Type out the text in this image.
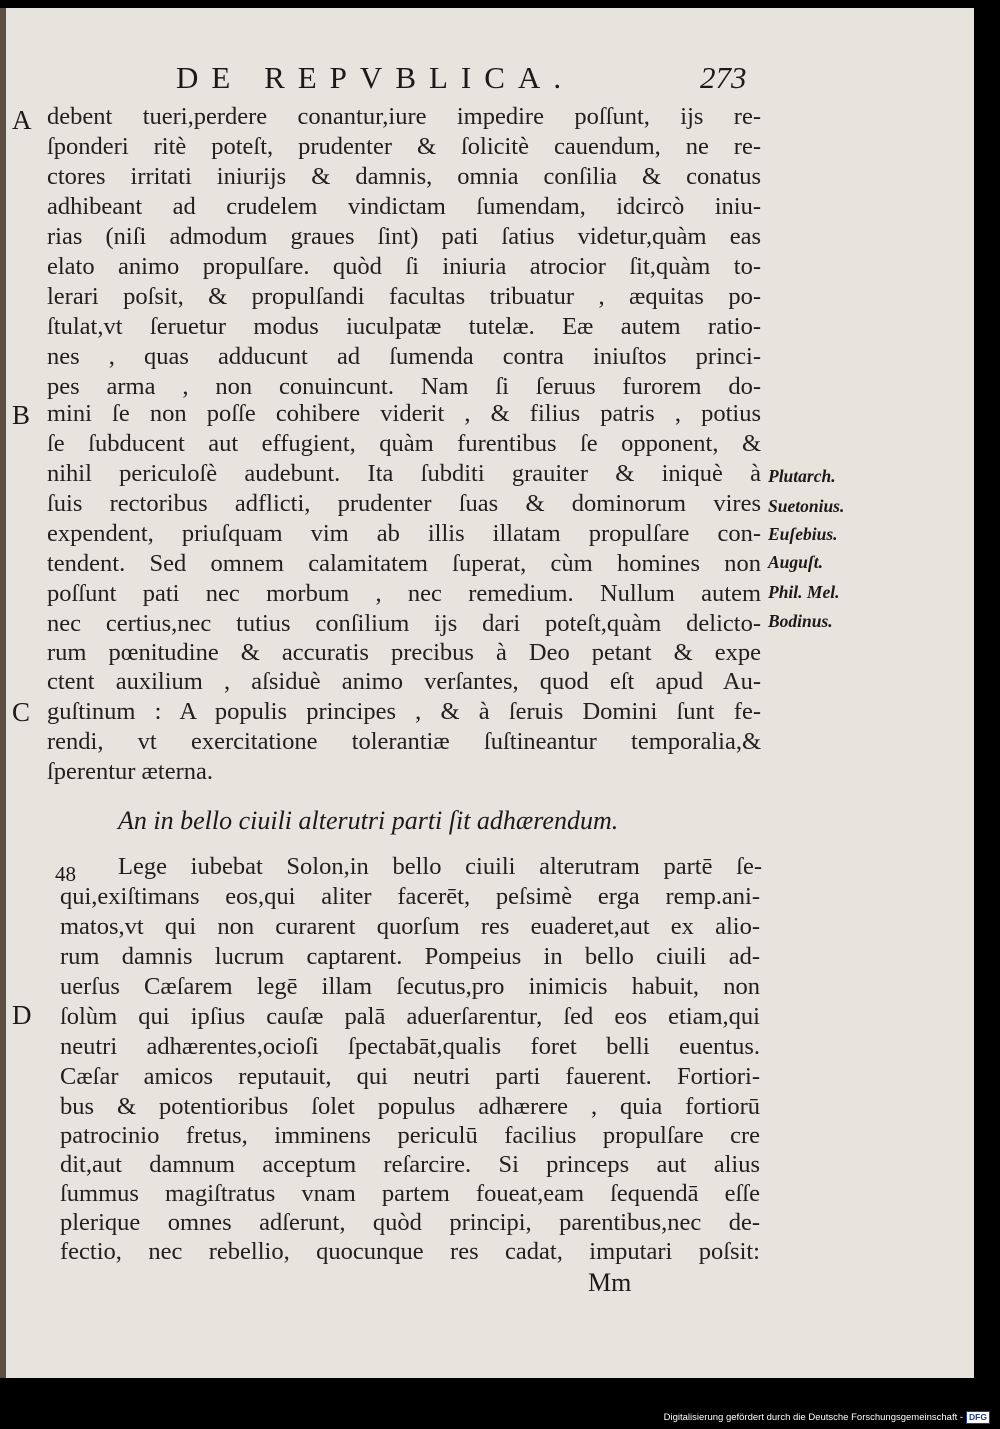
DE REPVBLICA.	273
A
B
C
D
debent tueri,perdere conantur,iure impedire poſſunt, ijs re-
ſponderi ritè poteſt, prudenter & ſolicitè cauendum, ne re-
ctores irritati iniurijs & damnis, omnia conſilia & conatus
adhibeant ad crudelem vindictam ſumendam, idcircò iniu-
rias (niſi admodum graues ſint) pati ſatius videtur,quàm eas
elato animo propulſare. quòd ſi iniuria atrocior ſit,quàm to-
lerari poſsit, & propulſandi facultas tribuatur , æquitas po-
ſtulat,vt ſeruetur modus iuculpatæ tutelæ. Eæ autem ratio-
nes , quas adducunt ad ſumenda contra iniuſtos princi-
pes arma , non conuincunt. Nam ſi ſeruus furorem do-
mini ſe non poſſe cohibere viderit , & filius patris , potius
ſe ſubducent aut effugient, quàm furentibus ſe opponent, &
nihil periculoſè audebunt. Ita ſubditi grauiter & iniquè à
ſuis rectoribus adflicti, prudenter ſuas & dominorum vires
expendent, priuſquam vim ab illis illatam propulſare con-
tendent. Sed omnem calamitatem ſuperat, cùm homines non
poſſunt pati nec morbum , nec remedium. Nullum autem
nec certius,nec tutius conſilium ijs dari poteſt,quàm delicto-
rum pœnitudine & accuratis precibus à Deo petant & expe
ctent auxilium , aſsiduè animo verſantes, quod eſt apud Au-
guſtinum : A populis principes , & à ſeruis Domini ſunt fe-
rendi, vt exercitatione tolerantiæ ſuſtineantur temporalia,&
ſperentur æterna.
Plutarch.
Suetonius.
Euſebius.
Auguſt.
Phil. Mel.
Bodinus.
An in bello ciuili alterutri parti ſit adhærendum.
48 Lege iubebat Solon,in bello ciuili alterutram partē ſe-
qui,exiſtimans eos,qui aliter facerēt, peſsimè erga remp.ani-
matos,vt qui non curarent quorſum res euaderet,aut ex alio-
rum damnis lucrum captarent. Pompeius in bello ciuili ad-
uerſus Cæſarem legē illam ſecutus,pro inimicis habuit, non
ſolùm qui ipſius cauſæ palā aduerſarentur, ſed eos etiam,qui
neutri adhærentes,ocioſi ſpectabāt,qualis foret belli euentus.
Cæſar amicos reputauit, qui neutri parti fauerent. Fortiori-
bus & potentioribus ſolet populus adhærere , quia fortiorū
patrocinio fretus, imminens periculū facilius propulſare cre
dit,aut damnum acceptum reſarcire. Si princeps aut alius
ſummus magiſtratus vnam partem foueat,eam ſequendā eſſe
plerique omnes adſerunt, quòd principi, parentibus,nec de-
fectio, nec rebellio, quocunque res cadat, imputari poſsit:
Mm
Digitalisierung gefördert durch die Deutsche Forschungsgemeinschaft - DFG
